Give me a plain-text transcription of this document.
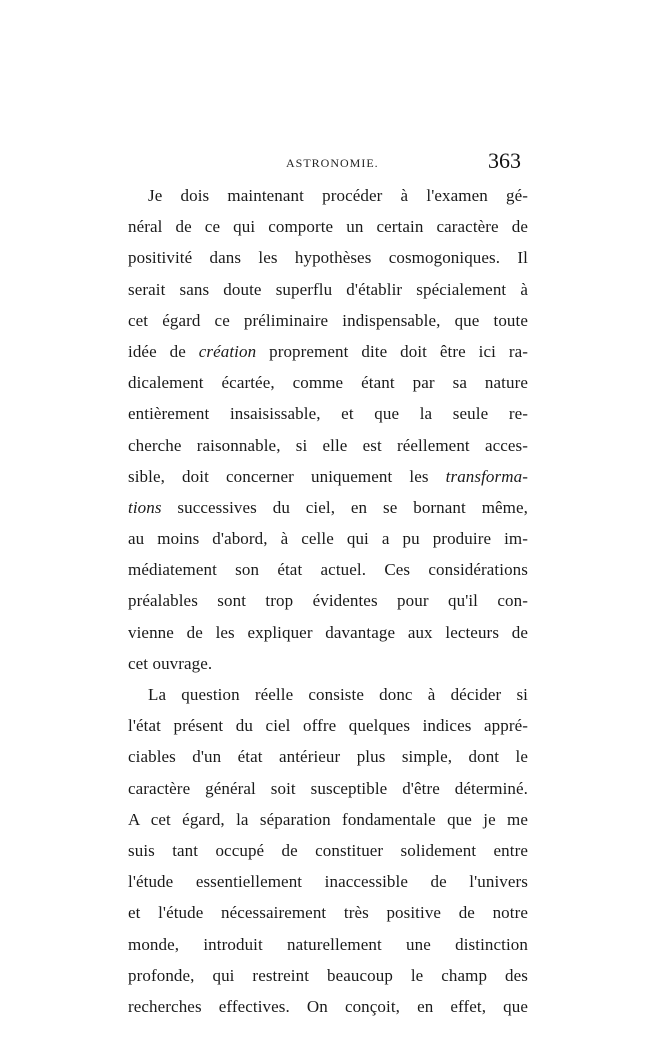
ASTRONOMIE.	363
Je dois maintenant procéder à l'examen gé-
néral de ce qui comporte un certain caractère de
positivité dans les hypothèses cosmogoniques. Il
serait sans doute superflu d'établir spécialement à
cet égard ce préliminaire indispensable, que toute
idée de création proprement dite doit être ici ra-
dicalement écartée, comme étant par sa nature
entièrement insaisissable, et que la seule re-
cherche raisonnable, si elle est réellement acces-
sible, doit concerner uniquement les transforma-
tions successives du ciel, en se bornant même,
au moins d'abord, à celle qui a pu produire im-
médiatement son état actuel. Ces considérations
préalables sont trop évidentes pour qu'il con-
vienne de les expliquer davantage aux lecteurs de
cet ouvrage.
La question réelle consiste donc à décider si
l'état présent du ciel offre quelques indices appré-
ciables d'un état antérieur plus simple, dont le
caractère général soit susceptible d'être déterminé.
A cet égard, la séparation fondamentale que je me
suis tant occupé de constituer solidement entre
l'étude essentiellement inaccessible de l'univers
et l'étude nécessairement très positive de notre
monde, introduit naturellement une distinction
profonde, qui restreint beaucoup le champ des
recherches effectives. On conçoit, en effet, que
